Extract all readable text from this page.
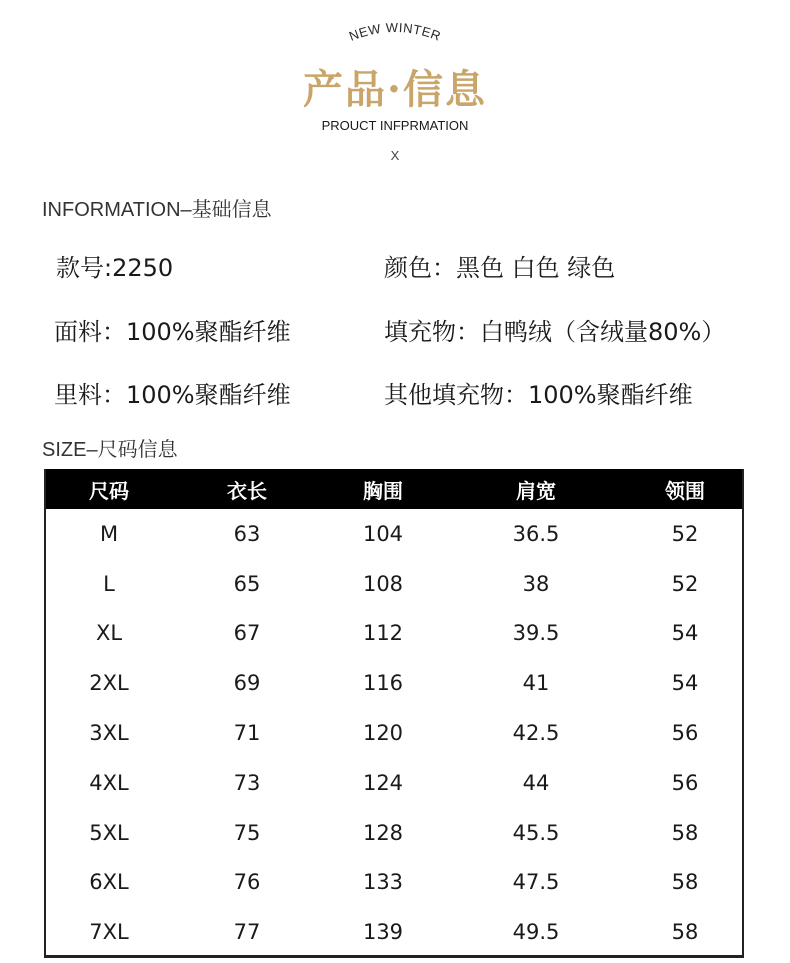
NEW WINTER
产品·信息
PROUCT INFPRMATION
X
INFORMATION–基础信息
款号:2250	颜色：黑色 白色 绿色
面料：100%聚酯纤维	填充物：白鸭绒（含绒量80%）
里料：100%聚酯纤维	其他填充物：100%聚酯纤维
SIZE–尺码信息
尺码	衣长	胸围	肩宽	领围
M	63	104	36.5	52
L	65	108	38	52
XL	67	112	39.5	54
2XL	69	116	41	54
3XL	71	120	42.5	56
4XL	73	124	44	56
5XL	75	128	45.5	58
6XL	76	133	47.5	58
7XL	77	139	49.5	58
